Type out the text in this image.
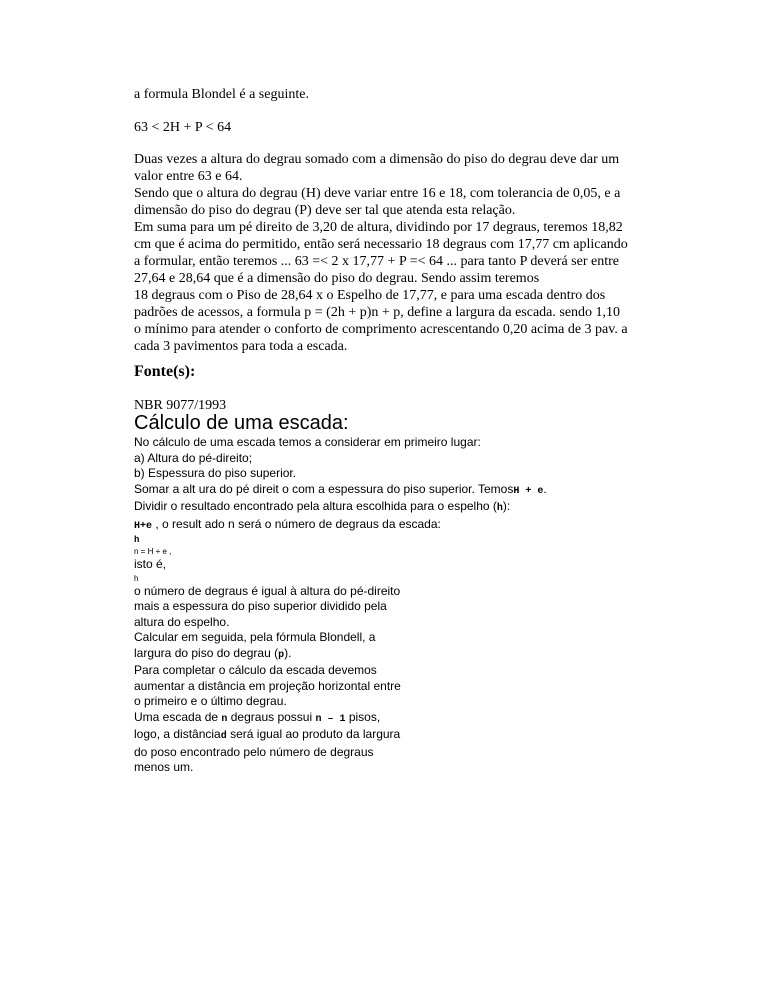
a formula Blondel é a seguinte.
63 < 2H + P < 64
Duas vezes a altura do degrau somado com a dimensão do piso do degrau deve dar um
valor entre 63 e 64.
Sendo que o altura do degrau (H) deve variar entre 16 e 18, com tolerancia de 0,05, e a
dimensão do piso do degrau (P) deve ser tal que atenda esta relação.
Em suma para um pé direito de 3,20 de altura, dividindo por 17 degraus, teremos 18,82
cm que é acima do permitido, então será necessario 18 degraus com 17,77 cm aplicando
a formular, então teremos ... 63 =< 2 x 17,77 + P =< 64 ... para tanto P deverá ser entre
27,64 e 28,64 que é a dimensão do piso do degrau. Sendo assim teremos
18 degraus com o Piso de 28,64 x o Espelho de 17,77, e para uma escada dentro dos
padrões de acessos, a formula p = (2h + p)n + p, define a largura da escada. sendo 1,10
o mínimo para atender o conforto de comprimento acrescentando 0,20 acima de 3 pav. a
cada 3 pavimentos para toda a escada.
Fonte(s):
NBR 9077/1993
Cálculo de uma escada:
No cálculo de uma escada temos a considerar em primeiro lugar:
a) Altura do pé-direito;
b) Espessura do piso superior.
Somar a alt ura do pé direit o com a espessura do piso superior. TemosH + e.
Dividir o resultado encontrado pela altura escolhida para o espelho (h):
H+e , o result ado n será o número de degraus da escada:
h
n = H + e ,
isto é,
h
o número de degraus é igual à altura do pé-direito
mais a espessura do piso superior dividido pela
altura do espelho.
Calcular em seguida, pela fórmula Blondell, a
largura do piso do degrau (p).
Para completar o cálculo da escada devemos
aumentar a distância em projeção horizontal entre
o primeiro e o último degrau.
Uma escada de n degraus possui n – 1 pisos,
logo, a distânciad será igual ao produto da largura
do poso encontrado pelo número de degraus
menos um.
